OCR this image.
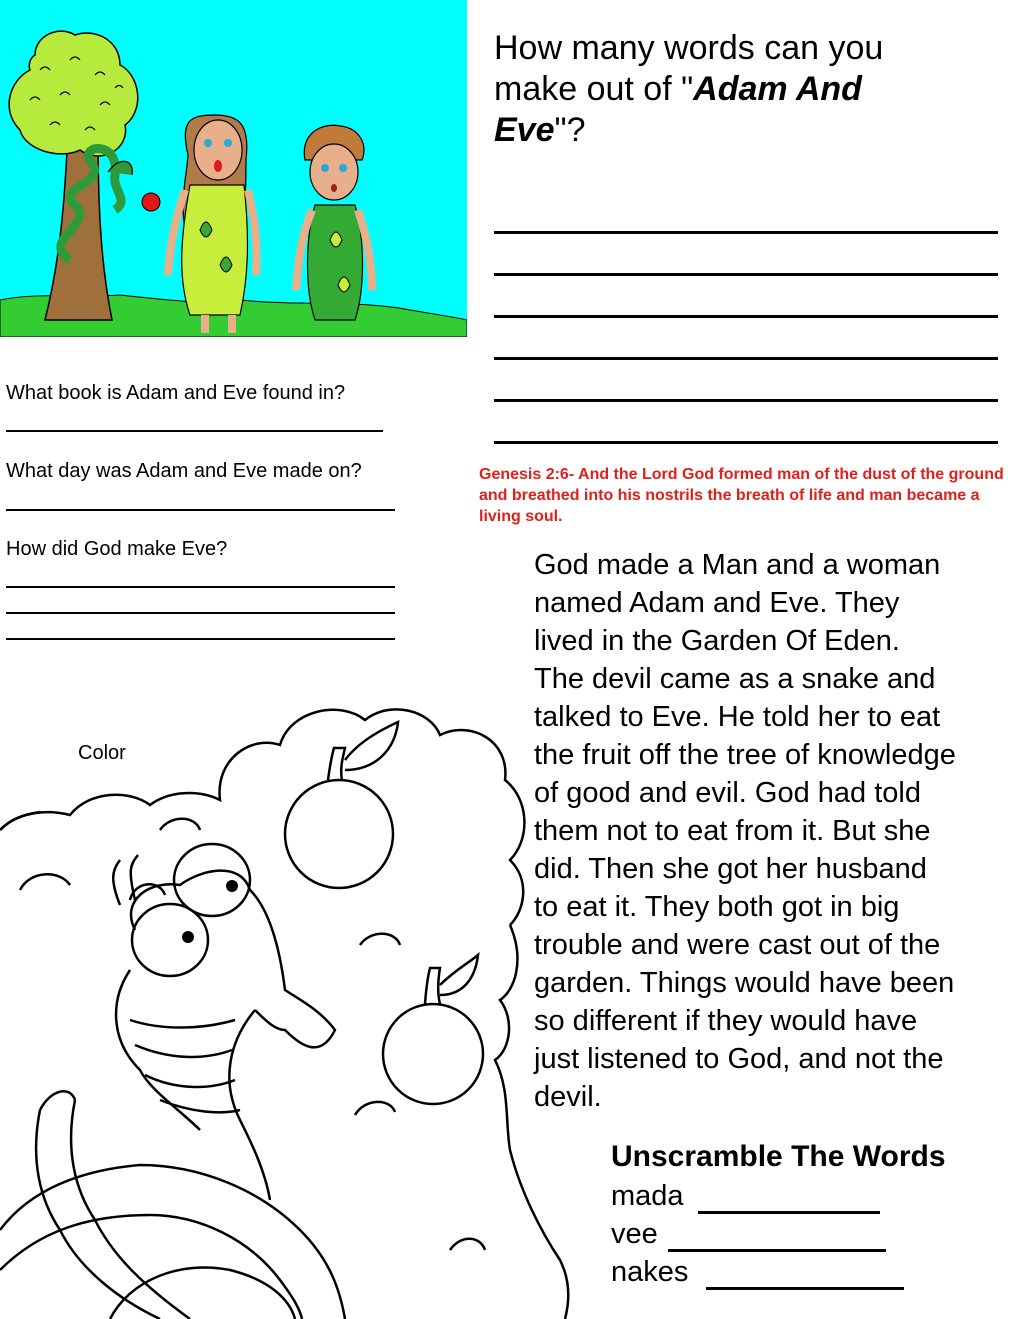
How many words can you
make out of "Adam And
Eve"?
What book is Adam and Eve found in?
What day was Adam and Eve made on?
How did God make Eve?
Genesis 2:6- And the Lord God formed man of the dust of the ground and breathed into his nostrils the breath of life and man became a living soul.
God made a Man and a woman
named Adam and Eve. They
lived in the Garden Of Eden.
The devil came as a snake and
talked to Eve. He told her to eat
the fruit off the tree of knowledge
of good and evil. God had told
them not to eat from it. But she
did. Then she got her husband
to eat it. They both got in big
trouble and were cast out of the
garden. Things would have been
so different if they would have
just listened to God, and not the
devil.
Color
Unscramble The Words
mada
vee
nakes
